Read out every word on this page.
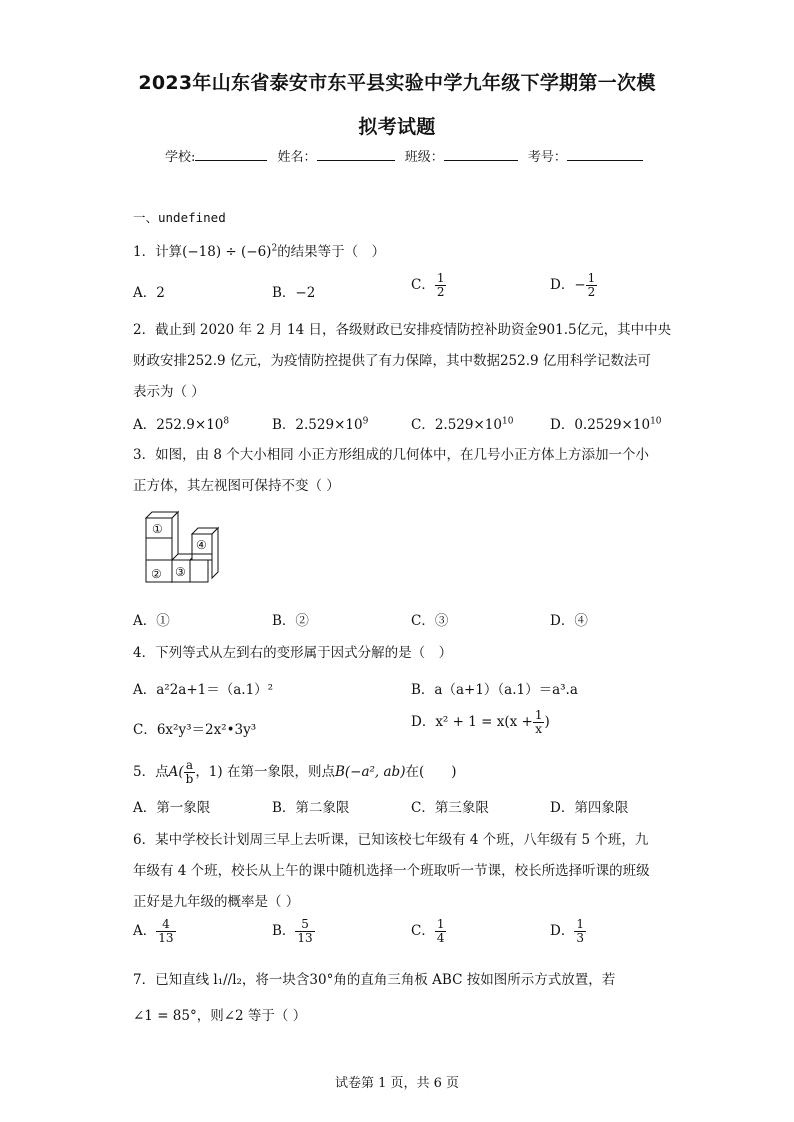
2023年山东省泰安市东平县实验中学九年级下学期第一次模
拟考试题
学校:	姓名：	班级：	考号：
一、undefined
1．计算$(-18) \div (-6)^2$的结果等于（　）
A．2	B．−2	C． $\frac{1}{2}$	D．− $\frac{1}{2}$
2．截止到 2020 年 2 月 14 日，各级财政已安排疫情防控补助资金901.5亿元，其中中央
财政安排252.9 亿元，为疫情防控提供了有力保障，其中数据252.9 亿用科学记数法可
表示为（ ）
A．$252.9\times 10^8$	B．$2.529\times 10^9$	C．$2.529\times 10^{10}$	D．$0.2529\times 10^{10}$
3．如图，由 8 个大小相同 小正方形组成的几何体中，在几号小正方体上方添加一个小
正方体，其左视图可保持不变（ ）
①
② ③
④
A．①	B．②	C．③	D．④
4．下列等式从左到右的变形属于因式分解的是（　）
A．a²2a+1＝（a.1）²	B．a（a+1）（a.1）＝a³.a
C．6x²y³＝2x²•3y³	D．$x^2 + 1 = x(x + \frac{1}{x}$ )
5．点$A( \frac{a}{b}$ ，1) 在第一象限，则点B(−a², ab)在(　　)
A．第一象限	B．第二象限	C．第三象限	D．第四象限
6．某中学校长计划周三早上去听课，已知该校七年级有 4 个班，八年级有 5 个班，九
年级有 4 个班，校长从上午的课中随机选择一个班取听一节课，校长所选择听课的班级
正好是九年级的概率是（ ）
A． $\frac{4}{13}$	B． $\frac{5}{13}$	C． $\frac{1}{4}$	D． $\frac{1}{3}$
7．已知直线 l₁//l₂，将一块含30°角的直角三角板 ABC 按如图所示方式放置，若
∠1 = 85°，则∠2 等于（ ）
试卷第 1 页，共 6 页
